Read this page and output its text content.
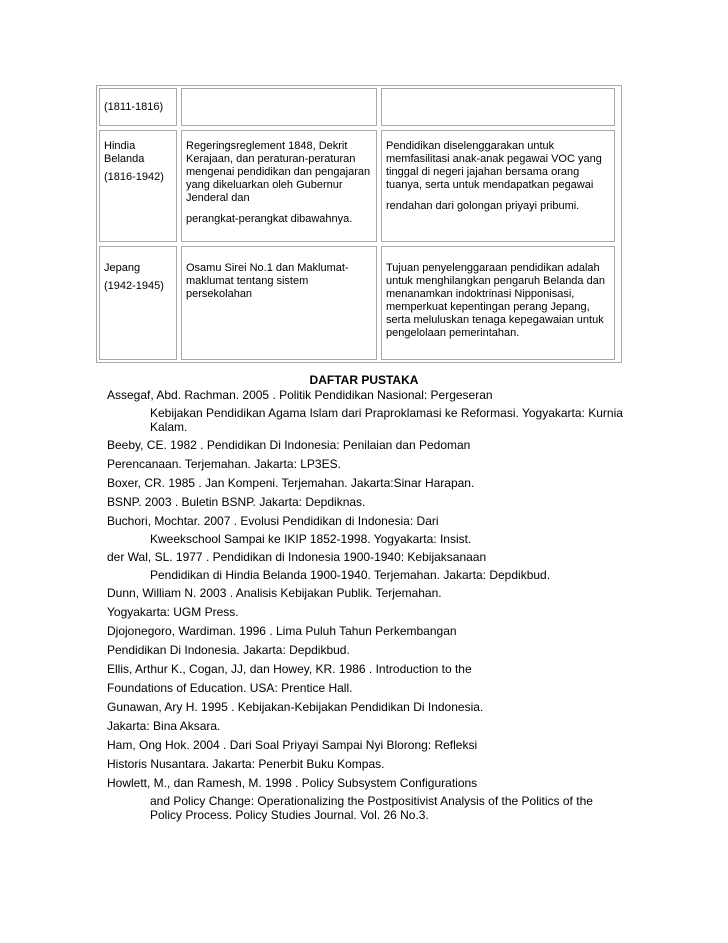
(1811-1816)

Hindia Belanda

(1816-1942)

Regeringsreglement 1848, Dekrit Kerajaan, dan peraturan-peraturan mengenai pendidikan dan pengajaran yang dikeluarkan oleh Gubernur Jenderal dan

perangkat-perangkat dibawahnya.

Pendidikan diselenggarakan untuk memfasilitasi anak-anak pegawai VOC yang tinggal di negeri jajahan bersama orang tuanya, serta untuk mendapatkan pegawai

rendahan dari golongan priyayi pribumi.

Jepang

(1942-1945)

Osamu Sirei No.1 dan Maklumat-maklumat tentang sistem persekolahan

Tujuan penyelenggaraan pendidikan adalah untuk menghilangkan pengaruh Belanda dan menanamkan indoktrinasi Nipponisasi, memperkuat kepentingan perang Jepang, serta meluluskan tenaga kepegawaian untuk pengelolaan pemerintahan.

DAFTAR PUSTAKA
Assegaf, Abd. Rachman. 2005 . Politik Pendidikan Nasional: Pergeseran
Kebijakan Pendidikan Agama Islam dari Praproklamasi ke Reformasi. Yogyakarta: Kurnia Kalam.
Beeby, CE. 1982 . Pendidikan Di Indonesia: Penilaian dan Pedoman
Perencanaan. Terjemahan. Jakarta: LP3ES.
Boxer, CR. 1985 . Jan Kompeni. Terjemahan. Jakarta:Sinar Harapan.
BSNP. 2003 . Buletin BSNP. Jakarta: Depdiknas.
Buchori, Mochtar. 2007 . Evolusi Pendidikan di Indonesia: Dari
Kweekschool Sampai ke IKIP 1852-1998. Yogyakarta: Insist.
der Wal, SL. 1977 . Pendidikan di Indonesia 1900-1940: Kebijaksanaan
Pendidikan di Hindia Belanda 1900-1940. Terjemahan. Jakarta: Depdikbud.
Dunn, William N. 2003 . Analisis Kebijakan Publik. Terjemahan.
Yogyakarta: UGM Press.
Djojonegoro, Wardiman. 1996 . Lima Puluh Tahun Perkembangan
Pendidikan Di Indonesia. Jakarta: Depdikbud.
Ellis, Arthur K., Cogan, JJ, dan Howey, KR. 1986 . Introduction to the
Foundations of Education. USA: Prentice Hall.
Gunawan, Ary H. 1995 . Kebijakan-Kebijakan Pendidikan Di Indonesia.
Jakarta: Bina Aksara.
Ham, Ong Hok. 2004 . Dari Soal Priyayi Sampai Nyi Blorong: Refleksi
Historis Nusantara. Jakarta: Penerbit Buku Kompas.
Howlett, M., dan Ramesh, M. 1998 . Policy Subsystem Configurations
and Policy Change: Operationalizing the Postpositivist Analysis of the Politics of the Policy Process. Policy Studies Journal. Vol. 26 No.3.
